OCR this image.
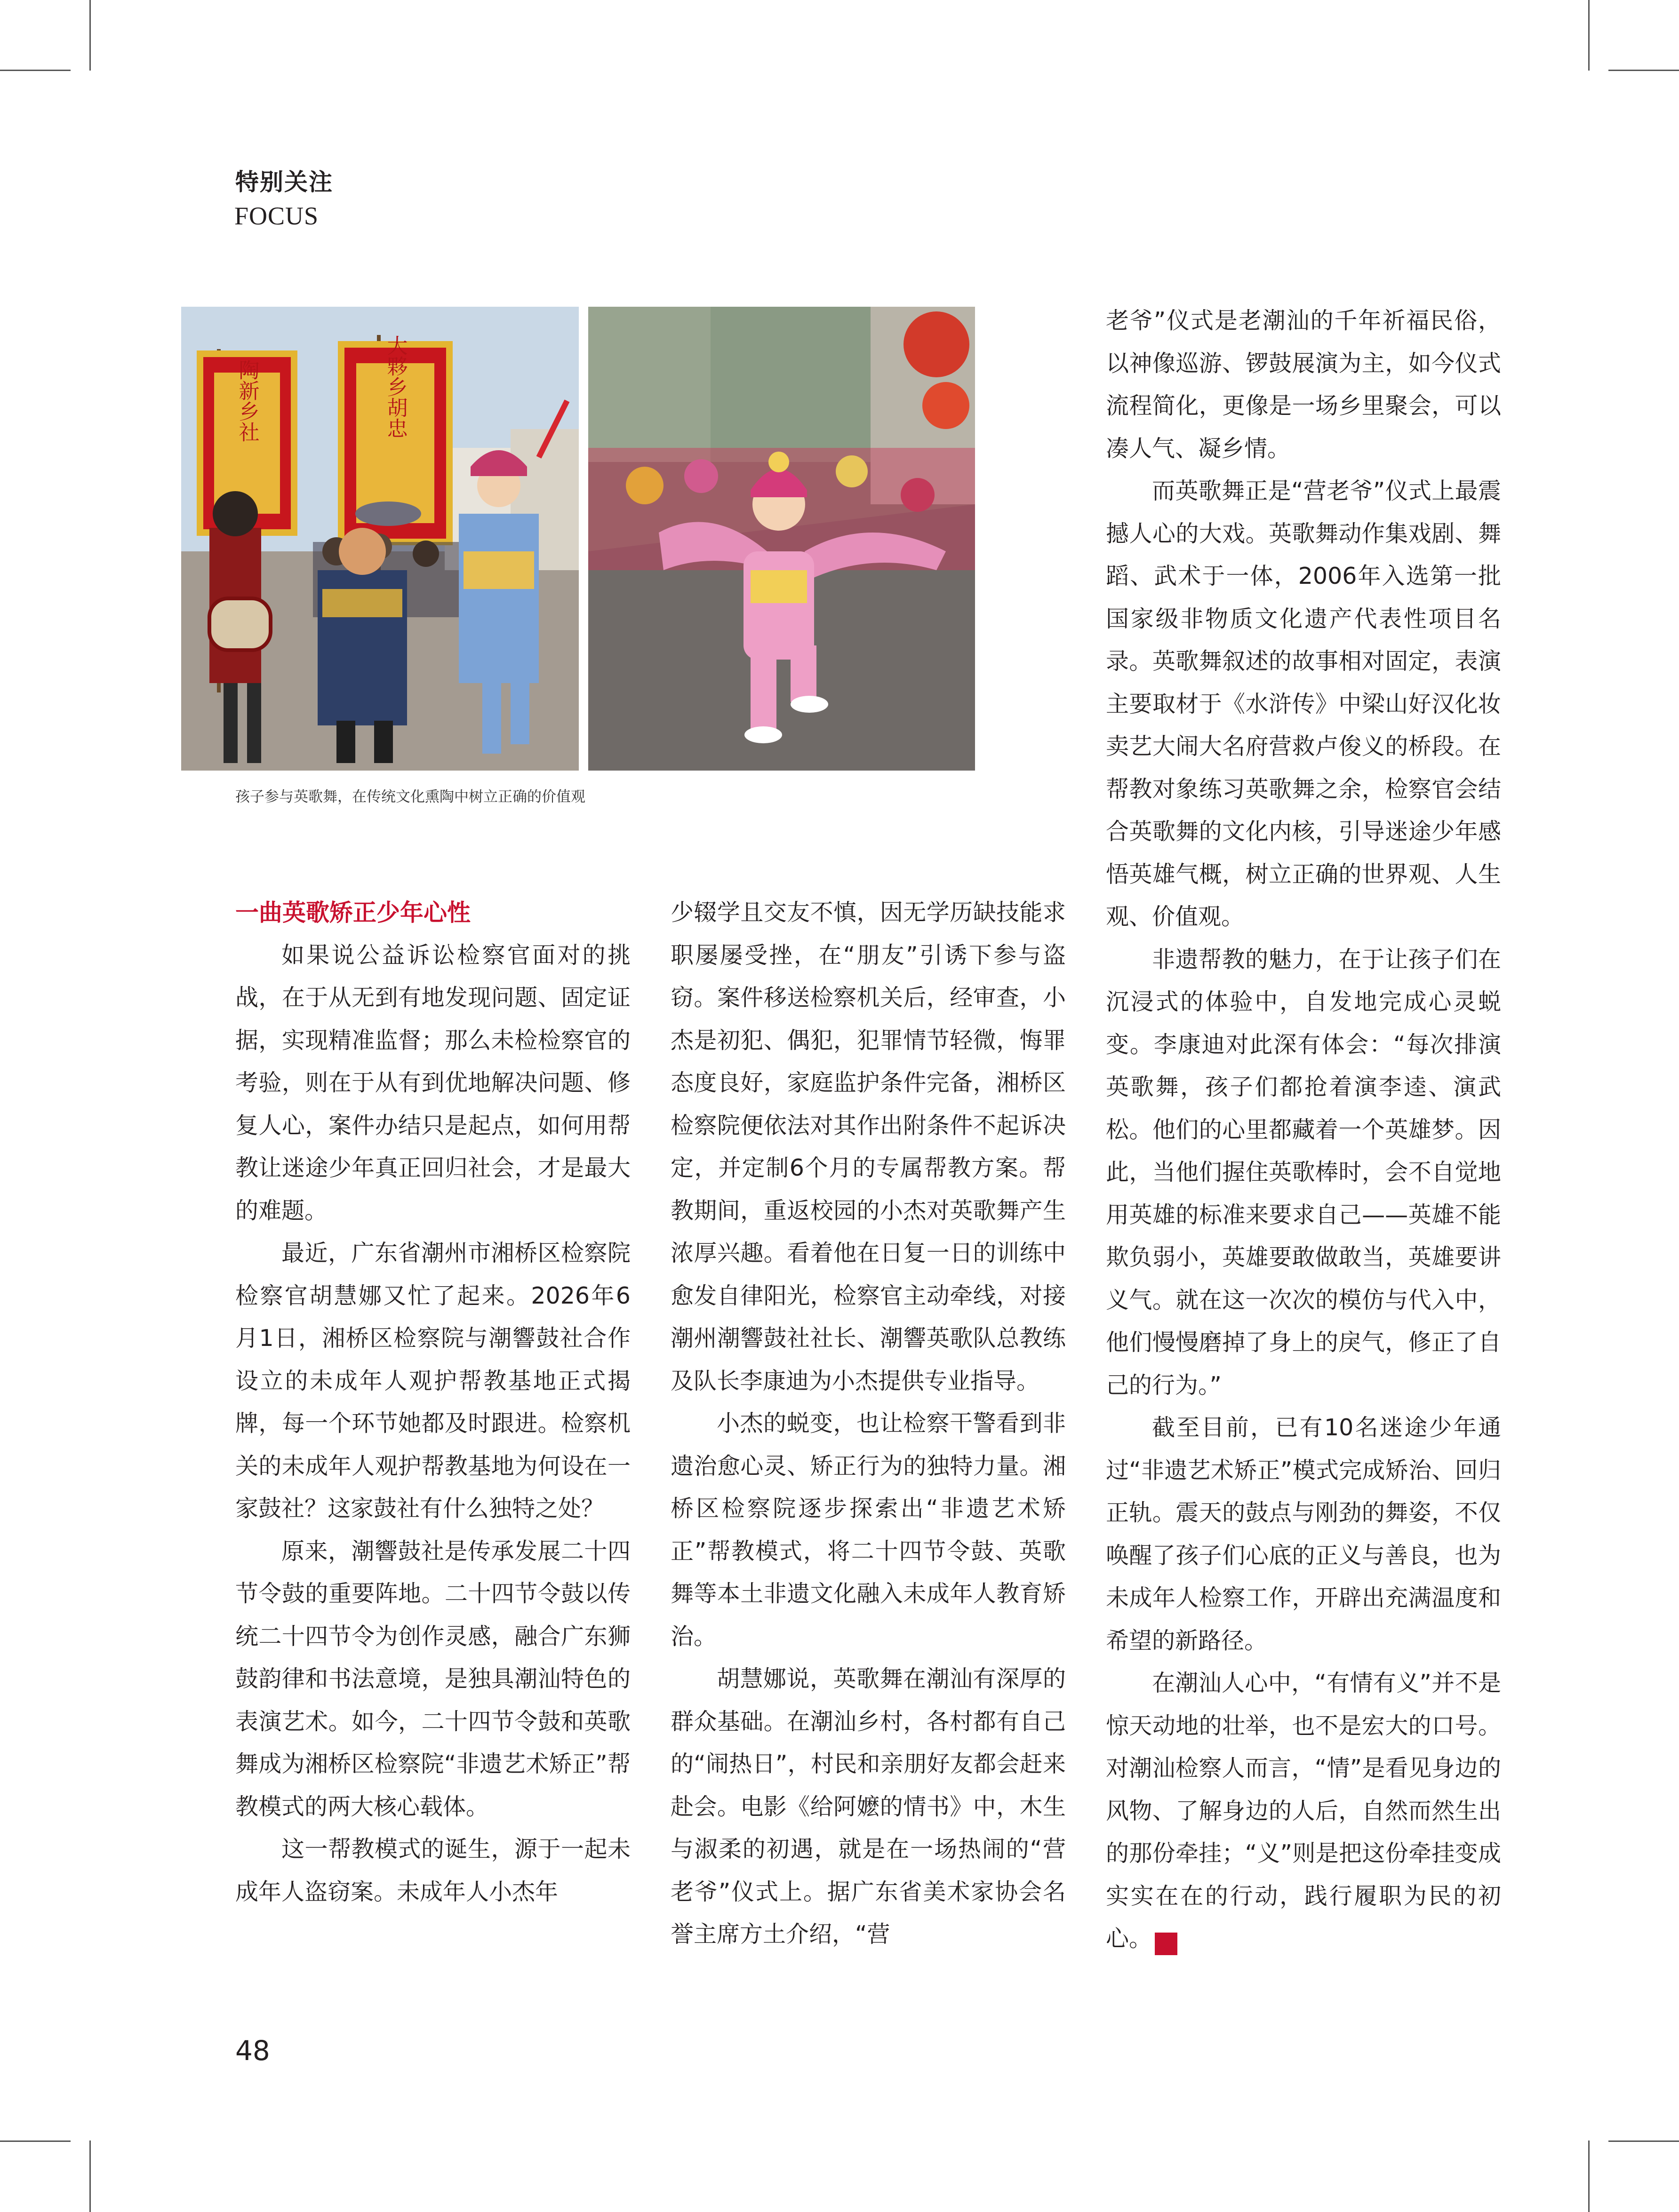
特别关注
FOCUS
陶新乡社	大夥乡胡忠
孩子参与英歌舞，在传统文化熏陶中树立正确的价值观
一曲英歌矫正少年心性

如果说公益诉讼检察官面对的挑战，在于从无到有地发现问题、固定证据，实现精准监督；那么未检检察官的考验，则在于从有到优地解决问题、修复人心，案件办结只是起点，如何用帮教让迷途少年真正回归社会，才是最大的难题。

最近，广东省潮州市湘桥区检察院检察官胡慧娜又忙了起来。2026年6月1日，湘桥区检察院与潮響鼓社合作设立的未成年人观护帮教基地正式揭牌，每一个环节她都及时跟进。检察机关的未成年人观护帮教基地为何设在一家鼓社？这家鼓社有什么独特之处？

原来，潮響鼓社是传承发展二十四节令鼓的重要阵地。二十四节令鼓以传统二十四节令为创作灵感，融合广东狮鼓韵律和书法意境，是独具潮汕特色的表演艺术。如今，二十四节令鼓和英歌舞成为湘桥区检察院“非遗艺术矫正”帮教模式的两大核心载体。

这一帮教模式的诞生，源于一起未成年人盗窃案。未成年人小杰年

少辍学且交友不慎，因无学历缺技能求职屡屡受挫，在“朋友”引诱下参与盗窃。案件移送检察机关后，经审查，小杰是初犯、偶犯，犯罪情节轻微，悔罪态度良好，家庭监护条件完备，湘桥区检察院便依法对其作出附条件不起诉决定，并定制6个月的专属帮教方案。帮教期间，重返校园的小杰对英歌舞产生浓厚兴趣。看着他在日复一日的训练中愈发自律阳光，检察官主动牵线，对接潮州潮響鼓社社长、潮響英歌队总教练及队长李康迪为小杰提供专业指导。

小杰的蜕变，也让检察干警看到非遗治愈心灵、矫正行为的独特力量。湘桥区检察院逐步探索出“非遗艺术矫正”帮教模式，将二十四节令鼓、英歌舞等本土非遗文化融入未成年人教育矫治。

胡慧娜说，英歌舞在潮汕有深厚的群众基础。在潮汕乡村，各村都有自己的“闹热日”，村民和亲朋好友都会赶来赴会。电影《给阿嬷的情书》中，木生与淑柔的初遇，就是在一场热闹的“营老爷”仪式上。据广东省美术家协会名誉主席方土介绍，“营

老爷”仪式是老潮汕的千年祈福民俗，以神像巡游、锣鼓展演为主，如今仪式流程简化，更像是一场乡里聚会，可以凑人气、凝乡情。

而英歌舞正是“营老爷”仪式上最震撼人心的大戏。英歌舞动作集戏剧、舞蹈、武术于一体，2006年入选第一批国家级非物质文化遗产代表性项目名录。英歌舞叙述的故事相对固定，表演主要取材于《水浒传》中梁山好汉化妆卖艺大闹大名府营救卢俊义的桥段。在帮教对象练习英歌舞之余，检察官会结合英歌舞的文化内核，引导迷途少年感悟英雄气概，树立正确的世界观、人生观、价值观。

非遗帮教的魅力，在于让孩子们在沉浸式的体验中，自发地完成心灵蜕变。李康迪对此深有体会：“每次排演英歌舞，孩子们都抢着演李逵、演武松。他们的心里都藏着一个英雄梦。因此，当他们握住英歌棒时，会不自觉地用英雄的标准来要求自己——英雄不能欺负弱小，英雄要敢做敢当，英雄要讲义气。就在这一次次的模仿与代入中，他们慢慢磨掉了身上的戾气，修正了自己的行为。”

截至目前，已有10名迷途少年通过“非遗艺术矫正”模式完成矫治、回归正轨。震天的鼓点与刚劲的舞姿，不仅唤醒了孩子们心底的正义与善良，也为未成年人检察工作，开辟出充满温度和希望的新路径。

在潮汕人心中，“有情有义”并不是惊天动地的壮举，也不是宏大的口号。对潮汕检察人而言，“情”是看见身边的风物、了解身边的人后，自然而然生出的那份牵挂；“义”则是把这份牵挂变成实实在在的行动，践行履职为民的初心。	w

48
